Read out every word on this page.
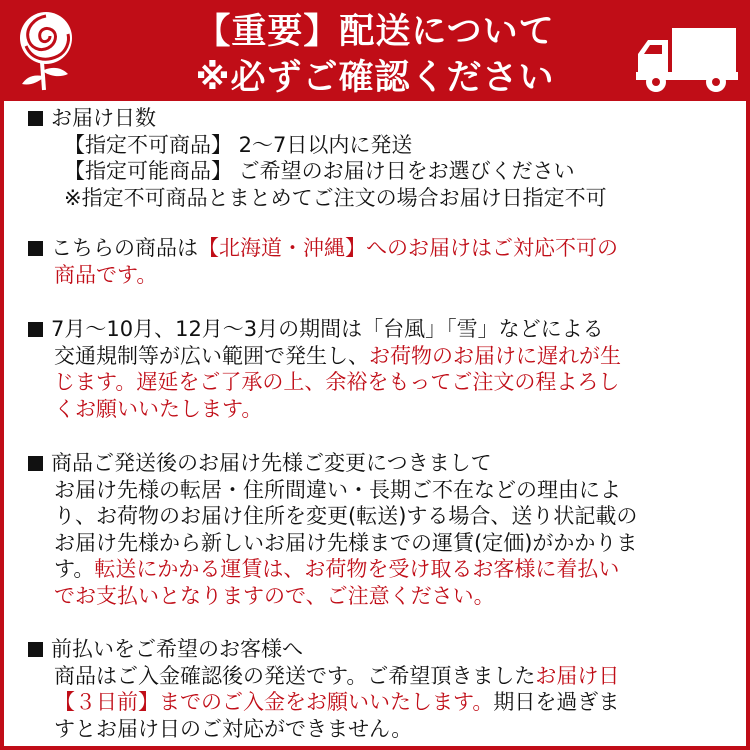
【重要】配送について
※必ずご確認ください
お届け日数
【指定不可商品】 2〜7日以内に発送
【指定可能商品】 ご希望のお届け日をお選びください
※指定不可商品とまとめてご注文の場合お届け日指定不可
こちらの商品は【北海道・沖縄】へのお届けはご対応不可の
商品です。
7月〜10月、12月〜3月の期間は「台風」「雪」などによる
交通規制等が広い範囲で発生し、お荷物のお届けに遅れが生
じます。遅延をご了承の上、余裕をもってご注文の程よろし
くお願いいたします。
商品ご発送後のお届け先様ご変更につきまして
お届け先様の転居・住所間違い・長期ご不在などの理由によ
り、お荷物のお届け住所を変更(転送)する場合、送り状記載の
お届け先様から新しいお届け先様までの運賃(定価)がかかりま
す。転送にかかる運賃は、お荷物を受け取るお客様に着払い
でお支払いとなりますので、ご注意ください。
前払いをご希望のお客様へ
商品はご入金確認後の発送です。ご希望頂きましたお届け日
【３日前】までのご入金をお願いいたします。期日を過ぎま
すとお届け日のご対応ができません。
